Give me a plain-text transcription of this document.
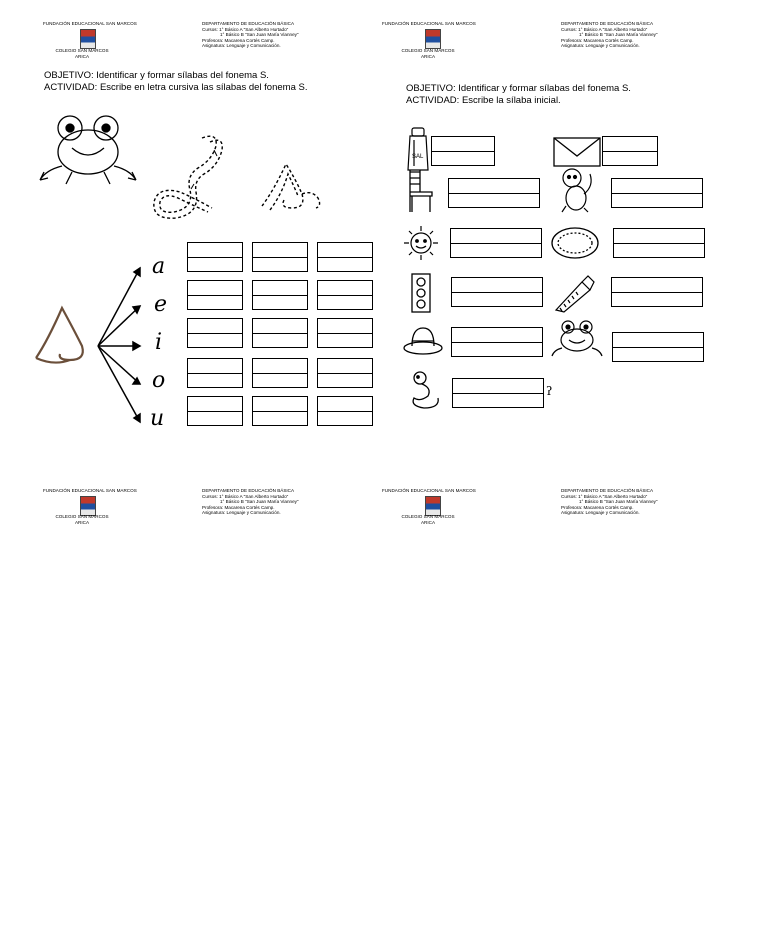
FUNDACIÓN EDUCACIONAL SAN MARCOS
COLEGIO SAN MARCOS
ARICA
DEPARTAMENTO DE EDUCACIÓN BÁSICA
Cursos: 1° Básico A "San Alberto Hurtado"
1° Básico B "San Juan María Vianney"
Profesora: Macarena Cortés Camp.
Asignatura: Lenguaje y Comunicación.
FUNDACIÓN EDUCACIONAL SAN MARCOS
COLEGIO SAN MARCOS
ARICA
DEPARTAMENTO DE EDUCACIÓN BÁSICA
Cursos: 1° Básico A "San Alberto Hurtado"
1° Básico B "San Juan María Vianney"
Profesora: Macarena Cortés Camp.
Asignatura: Lenguaje y Comunicación.
FUNDACIÓN EDUCACIONAL SAN MARCOS
COLEGIO SAN MARCOS
ARICA
DEPARTAMENTO DE EDUCACIÓN BÁSICA
Cursos: 1° Básico A "San Alberto Hurtado"
1° Básico B "San Juan María Vianney"
Profesora: Macarena Cortés Camp.
Asignatura: Lenguaje y Comunicación.
FUNDACIÓN EDUCACIONAL SAN MARCOS
COLEGIO SAN MARCOS
ARICA
DEPARTAMENTO DE EDUCACIÓN BÁSICA
Cursos: 1° Básico A "San Alberto Hurtado"
1° Básico B "San Juan María Vianney"
Profesora: Macarena Cortés Camp.
Asignatura: Lenguaje y Comunicación.
OBJETIVO: Identificar y formar sílabas del fonema S.
ACTIVIDAD: Escribe en letra cursiva las sílabas del fonema S.
a
e
i
o
u
OBJETIVO: Identificar y formar sílabas del fonema S.
ACTIVIDAD: Escribe la sílaba inicial.
SAL
ʔ
